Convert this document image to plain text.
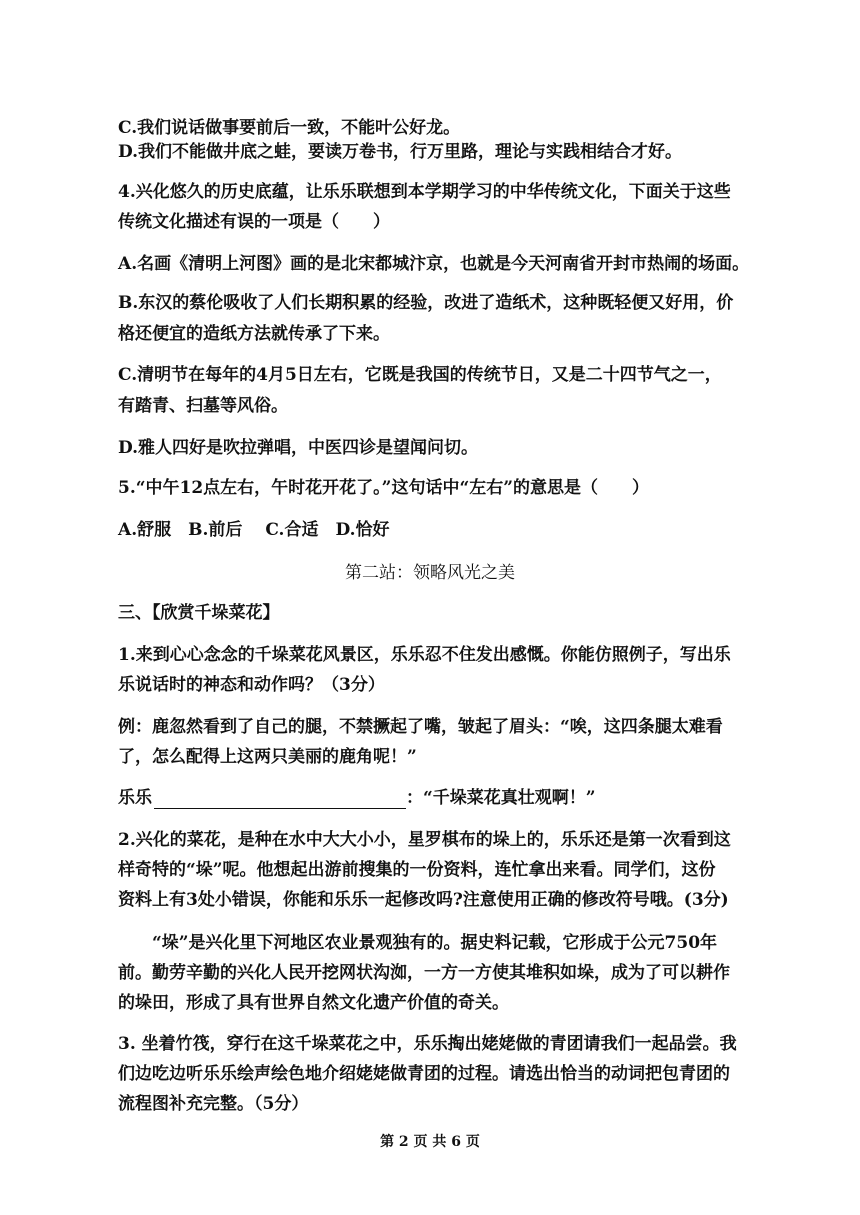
C.我们说话做事要前后一致，不能叶公好龙。
D.我们不能做井底之蛙，要读万卷书，行万里路，理论与实践相结合才好。
4.兴化悠久的历史底蕴，让乐乐联想到本学期学习的中华传统文化，下面关于这些
传统文化描述有误的一项是（　　）
A.名画《清明上河图》画的是北宋都城汴京，也就是今天河南省开封市热闹的场面。
B.东汉的蔡伦吸收了人们长期积累的经验，改进了造纸术，这种既轻便又好用，价
格还便宜的造纸方法就传承了下来。
C.清明节在每年的4月5日左右，它既是我国的传统节日，又是二十四节气之一，
有踏青、扫墓等风俗。
D.雅人四好是吹拉弹唱，中医四诊是望闻问切。
5.“中午12点左右，午时花开花了。”这句话中“左右”的意思是（　　）
A.舒服　B.前后　 C.合适　D.恰好
第二站：领略风光之美
三、【欣赏千垛菜花】
1.来到心心念念的千垛菜花风景区，乐乐忍不住发出感慨。你能仿照例子，写出乐
乐说话时的神态和动作吗？（3分）
例：鹿忽然看到了自己的腿，不禁撅起了嘴，皱起了眉头：“唉，这四条腿太难看
了，怎么配得上这两只美丽的鹿角呢！”
乐乐	：“千垛菜花真壮观啊！”
2.兴化的菜花，是种在水中大大小小，星罗棋布的垛上的，乐乐还是第一次看到这
样奇特的“垛”呢。他想起出游前搜集的一份资料，连忙拿出来看。同学们，这份
资料上有3处小错误，你能和乐乐一起修改吗?注意使用正确的修改符号哦。(3分)
“垛”是兴化里下河地区农业景观独有的。据史料记载，它形成于公元750年
前。勤劳辛勤的兴化人民开挖网状沟洳，一方一方使其堆积如垛，成为了可以耕作
的垛田，形成了具有世界自然文化遗产价值的奇关。
3. 坐着竹筏，穿行在这千垛菜花之中，乐乐掏出姥姥做的青团请我们一起品尝。我
们边吃边听乐乐绘声绘色地介绍姥姥做青团的过程。请选出恰当的动词把包青团的
流程图补充完整。（5分）
第 2 页 共 6 页
